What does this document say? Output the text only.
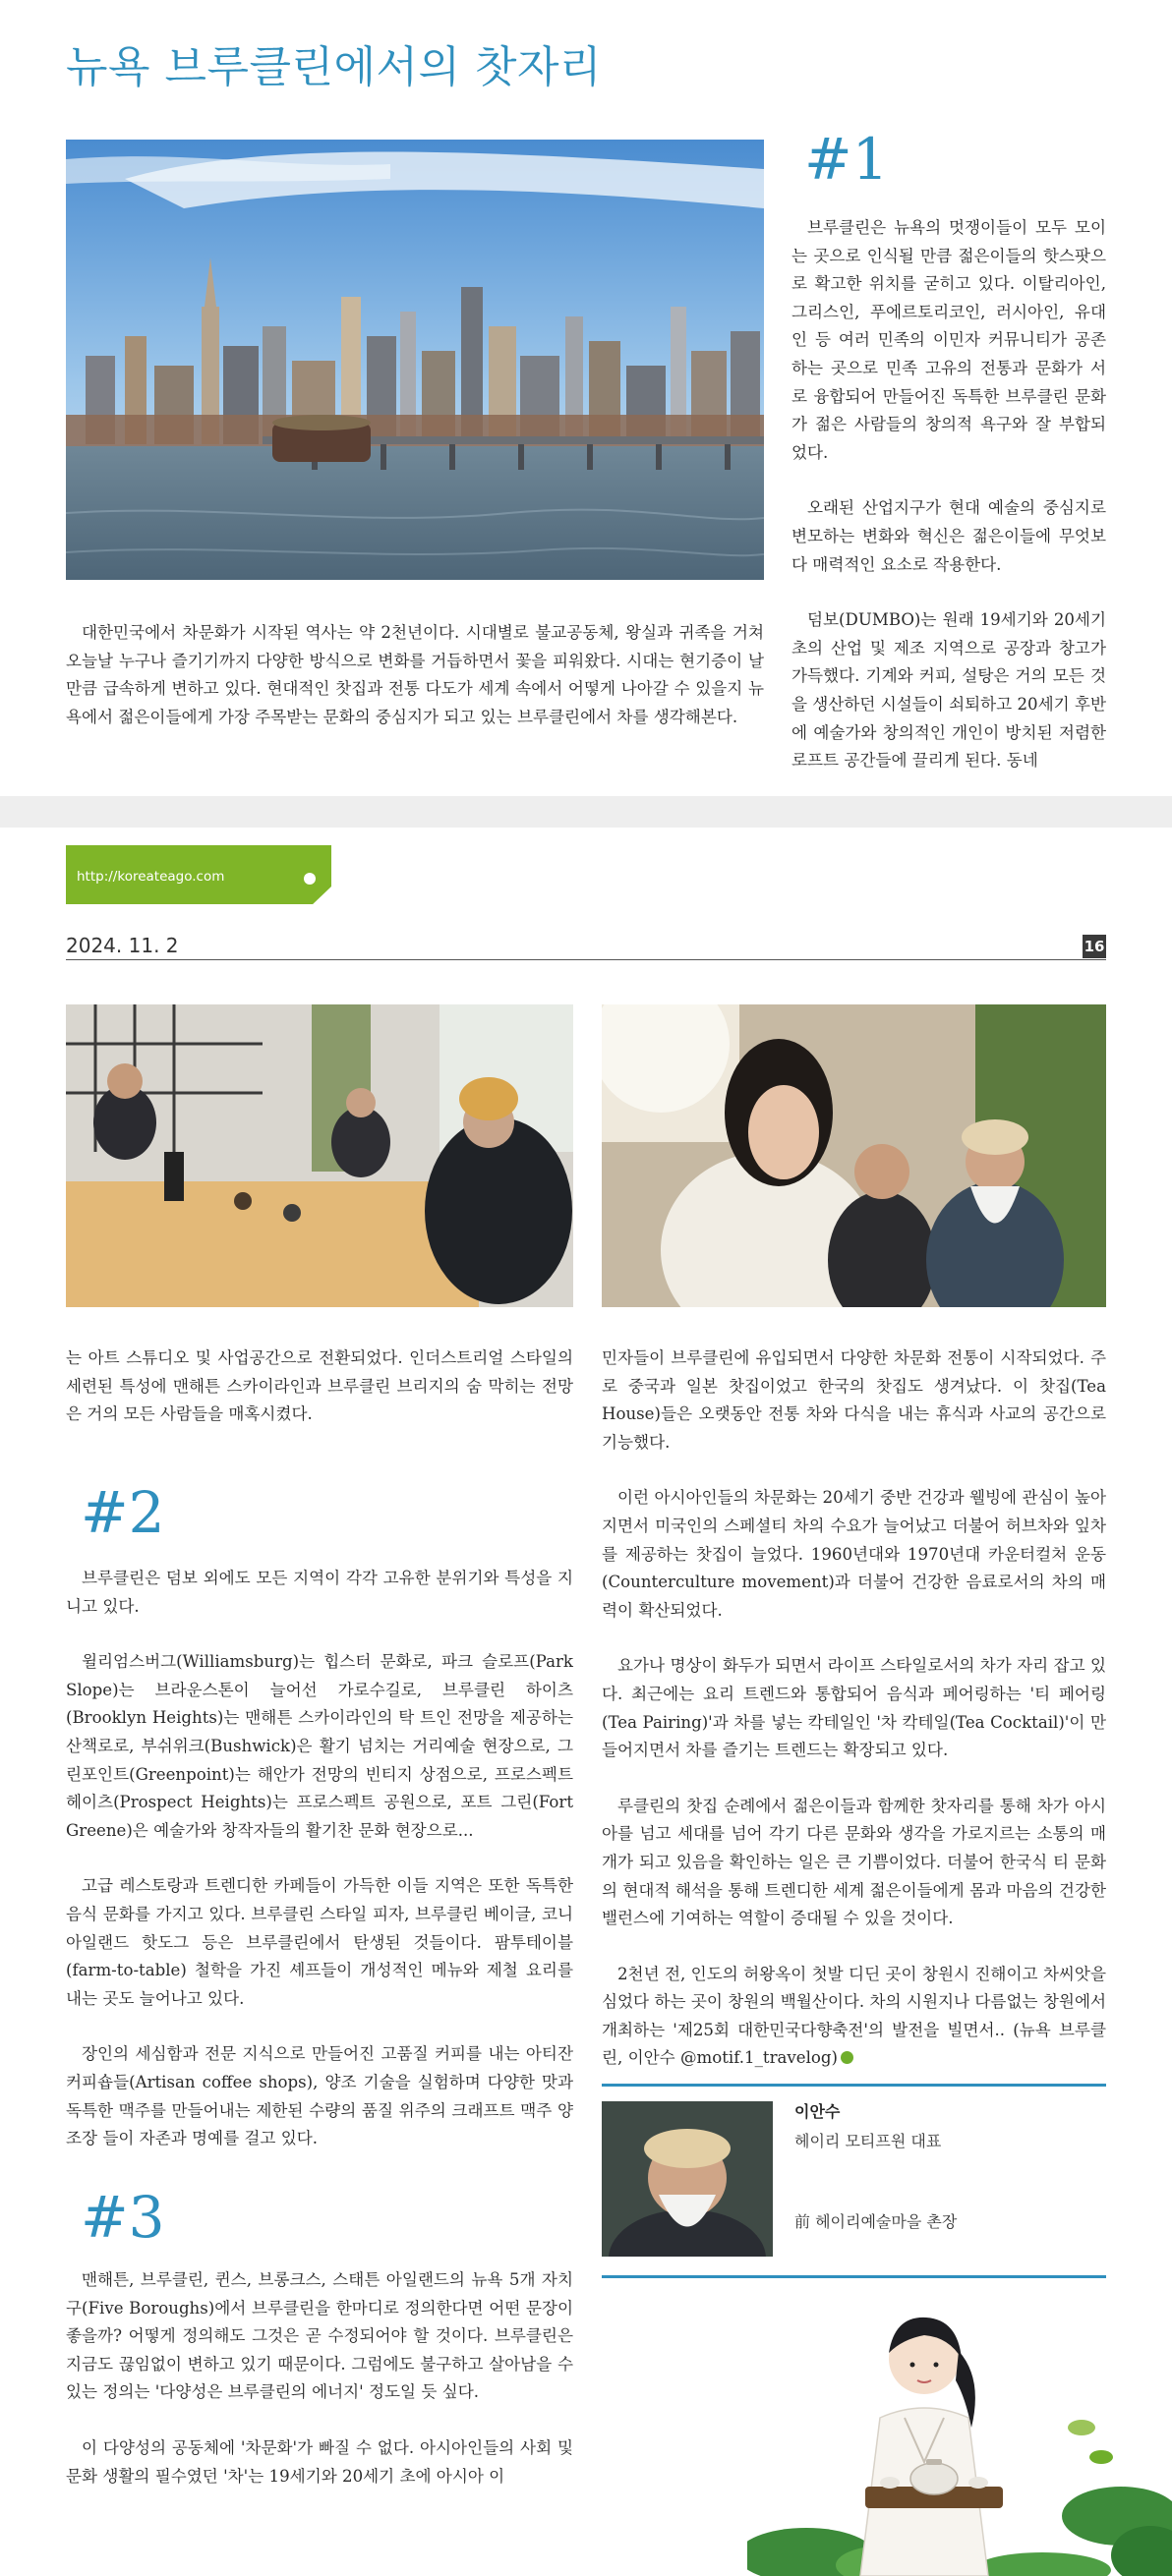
뉴욕 브루클린에서의 찻자리

대한민국에서 차문화가 시작된 역사는 약 2천년이다. 시대별로 불교공동체, 왕실과 귀족을 거쳐 오늘날 누구나 즐기기까지 다양한 방식으로 변화를 거듭하면서 꽃을 피워왔다. 시대는 현기증이 날 만큼 급속하게 변하고 있다. 현대적인 찻집과 전통 다도가 세계 속에서 어떻게 나아갈 수 있을지 뉴욕에서 젊은이들에게 가장 주목받는 문화의 중심지가 되고 있는 브루클린에서 차를 생각해본다.

#1

브루클린은 뉴욕의 멋쟁이들이 모두 모이는 곳으로 인식될 만큼 젊은이들의 핫스팟으로 확고한 위치를 굳히고 있다. 이탈리아인, 그리스인, 푸에르토리코인, 러시아인, 유대인 등 여러 민족의 이민자 커뮤니티가 공존하는 곳으로 민족 고유의 전통과 문화가 서로 융합되어 만들어진 독특한 브루클린 문화가 젊은 사람들의 창의적 욕구와 잘 부합되었다.

오래된 산업지구가 현대 예술의 중심지로 변모하는 변화와 혁신은 젊은이들에 무엇보다 매력적인 요소로 작용한다.

덤보(DUMBO)는 원래 19세기와 20세기 초의 산업 및 제조 지역으로 공장과 창고가 가득했다. 기계와 커피, 설탕은 거의 모든 것을 생산하던 시설들이 쇠퇴하고 20세기 후반에 예술가와 창의적인 개인이 방치된 저렴한 로프트 공간들에 끌리게 된다. 동네

http://koreateago.com
2024. 11. 2	16

는 아트 스튜디오 및 사업공간으로 전환되었다. 인더스트리얼 스타일의 세련된 특성에 맨해튼 스카이라인과 브루클린 브리지의 숨 막히는 전망은 거의 모든 사람들을 매혹시켰다.

#2

브루클린은 덤보 외에도 모든 지역이 각각 고유한 분위기와 특성을 지니고 있다.

윌리엄스버그(Williamsburg)는 힙스터 문화로, 파크 슬로프(Park Slope)는 브라운스톤이 늘어선 가로수길로, 브루클린 하이츠(Brooklyn Heights)는 맨해튼 스카이라인의 탁 트인 전망을 제공하는 산책로로, 부쉬위크(Bushwick)은 활기 넘치는 거리예술 현장으로, 그린포인트(Greenpoint)는 해안가 전망의 빈티지 상점으로, 프로스펙트 헤이츠(Prospect Heights)는 프로스펙트 공원으로, 포트 그린(Fort Greene)은 예술가와 창작자들의 활기찬 문화 현장으로...

고급 레스토랑과 트렌디한 카페들이 가득한 이들 지역은 또한 독특한 음식 문화를 가지고 있다. 브루클린 스타일 피자, 브루클린 베이글, 코니아일랜드 핫도그 등은 브루클린에서 탄생된 것들이다. 팜투테이블(farm-to-table) 철학을 가진 셰프들이 개성적인 메뉴와 제철 요리를 내는 곳도 늘어나고 있다.

장인의 세심함과 전문 지식으로 만들어진 고품질 커피를 내는 아티잔 커피숍들(Artisan coffee shops), 양조 기술을 실험하며 다양한 맛과 독특한 맥주를 만들어내는 제한된 수량의 품질 위주의 크래프트 맥주 양조장 들이 자존과 명예를 걸고 있다.

#3

맨해튼, 브루클린, 퀸스, 브롱크스, 스태튼 아일랜드의 뉴욕 5개 자치구(Five Boroughs)에서 브루클린을 한마디로 정의한다면 어떤 문장이 좋을까? 어떻게 정의해도 그것은 곧 수정되어야 할 것이다. 브루클린은 지금도 끊임없이 변하고 있기 때문이다. 그럼에도 불구하고 살아남을 수 있는 정의는 '다양성은 브루클린의 에너지' 정도일 듯 싶다.

이 다양성의 공동체에 '차문화'가 빠질 수 없다. 아시아인들의 사회 및 문화 생활의 필수였던 '차'는 19세기와 20세기 초에 아시아 이

민자들이 브루클린에 유입되면서 다양한 차문화 전통이 시작되었다. 주로 중국과 일본 찻집이었고 한국의 찻집도 생겨났다. 이 찻집(Tea House)들은 오랫동안 전통 차와 다식을 내는 휴식과 사교의 공간으로 기능했다.

이런 아시아인들의 차문화는 20세기 중반 건강과 웰빙에 관심이 높아지면서 미국인의 스페셜티 차의 수요가 늘어났고 더불어 허브차와 잎차를 제공하는 찻집이 늘었다. 1960년대와 1970년대 카운터컬처 운동(Counterculture movement)과 더불어 건강한 음료로서의 차의 매력이 확산되었다.

요가나 명상이 화두가 되면서 라이프 스타일로서의 차가 자리 잡고 있다. 최근에는 요리 트렌드와 통합되어 음식과 페어링하는 '티 페어링(Tea Pairing)'과 차를 넣는 칵테일인 '차 칵테일(Tea Cocktail)'이 만들어지면서 차를 즐기는 트렌드는 확장되고 있다.

루클린의 찻집 순례에서 젊은이들과 함께한 찻자리를 통해 차가 아시아를 넘고 세대를 넘어 각기 다른 문화와 생각을 가로지르는 소통의 매개가 되고 있음을 확인하는 일은 큰 기쁨이었다. 더불어 한국식 티 문화의 현대적 해석을 통해 트렌디한 세계 젊은이들에게 몸과 마음의 건강한 밸런스에 기여하는 역할이 증대될 수 있을 것이다.

2천년 전, 인도의 허왕옥이 첫발 디딘 곳이 창원시 진해이고 차씨앗을 심었다 하는 곳이 창원의 백월산이다. 차의 시원지나 다름없는 창원에서 개최하는 '제25회 대한민국다향축전'의 발전을 빌면서.. (뉴욕 브루클린, 이안수 @motif.1_travelog)

이안수
헤이리 모티프원 대표
前 헤이리예술마을 촌장
